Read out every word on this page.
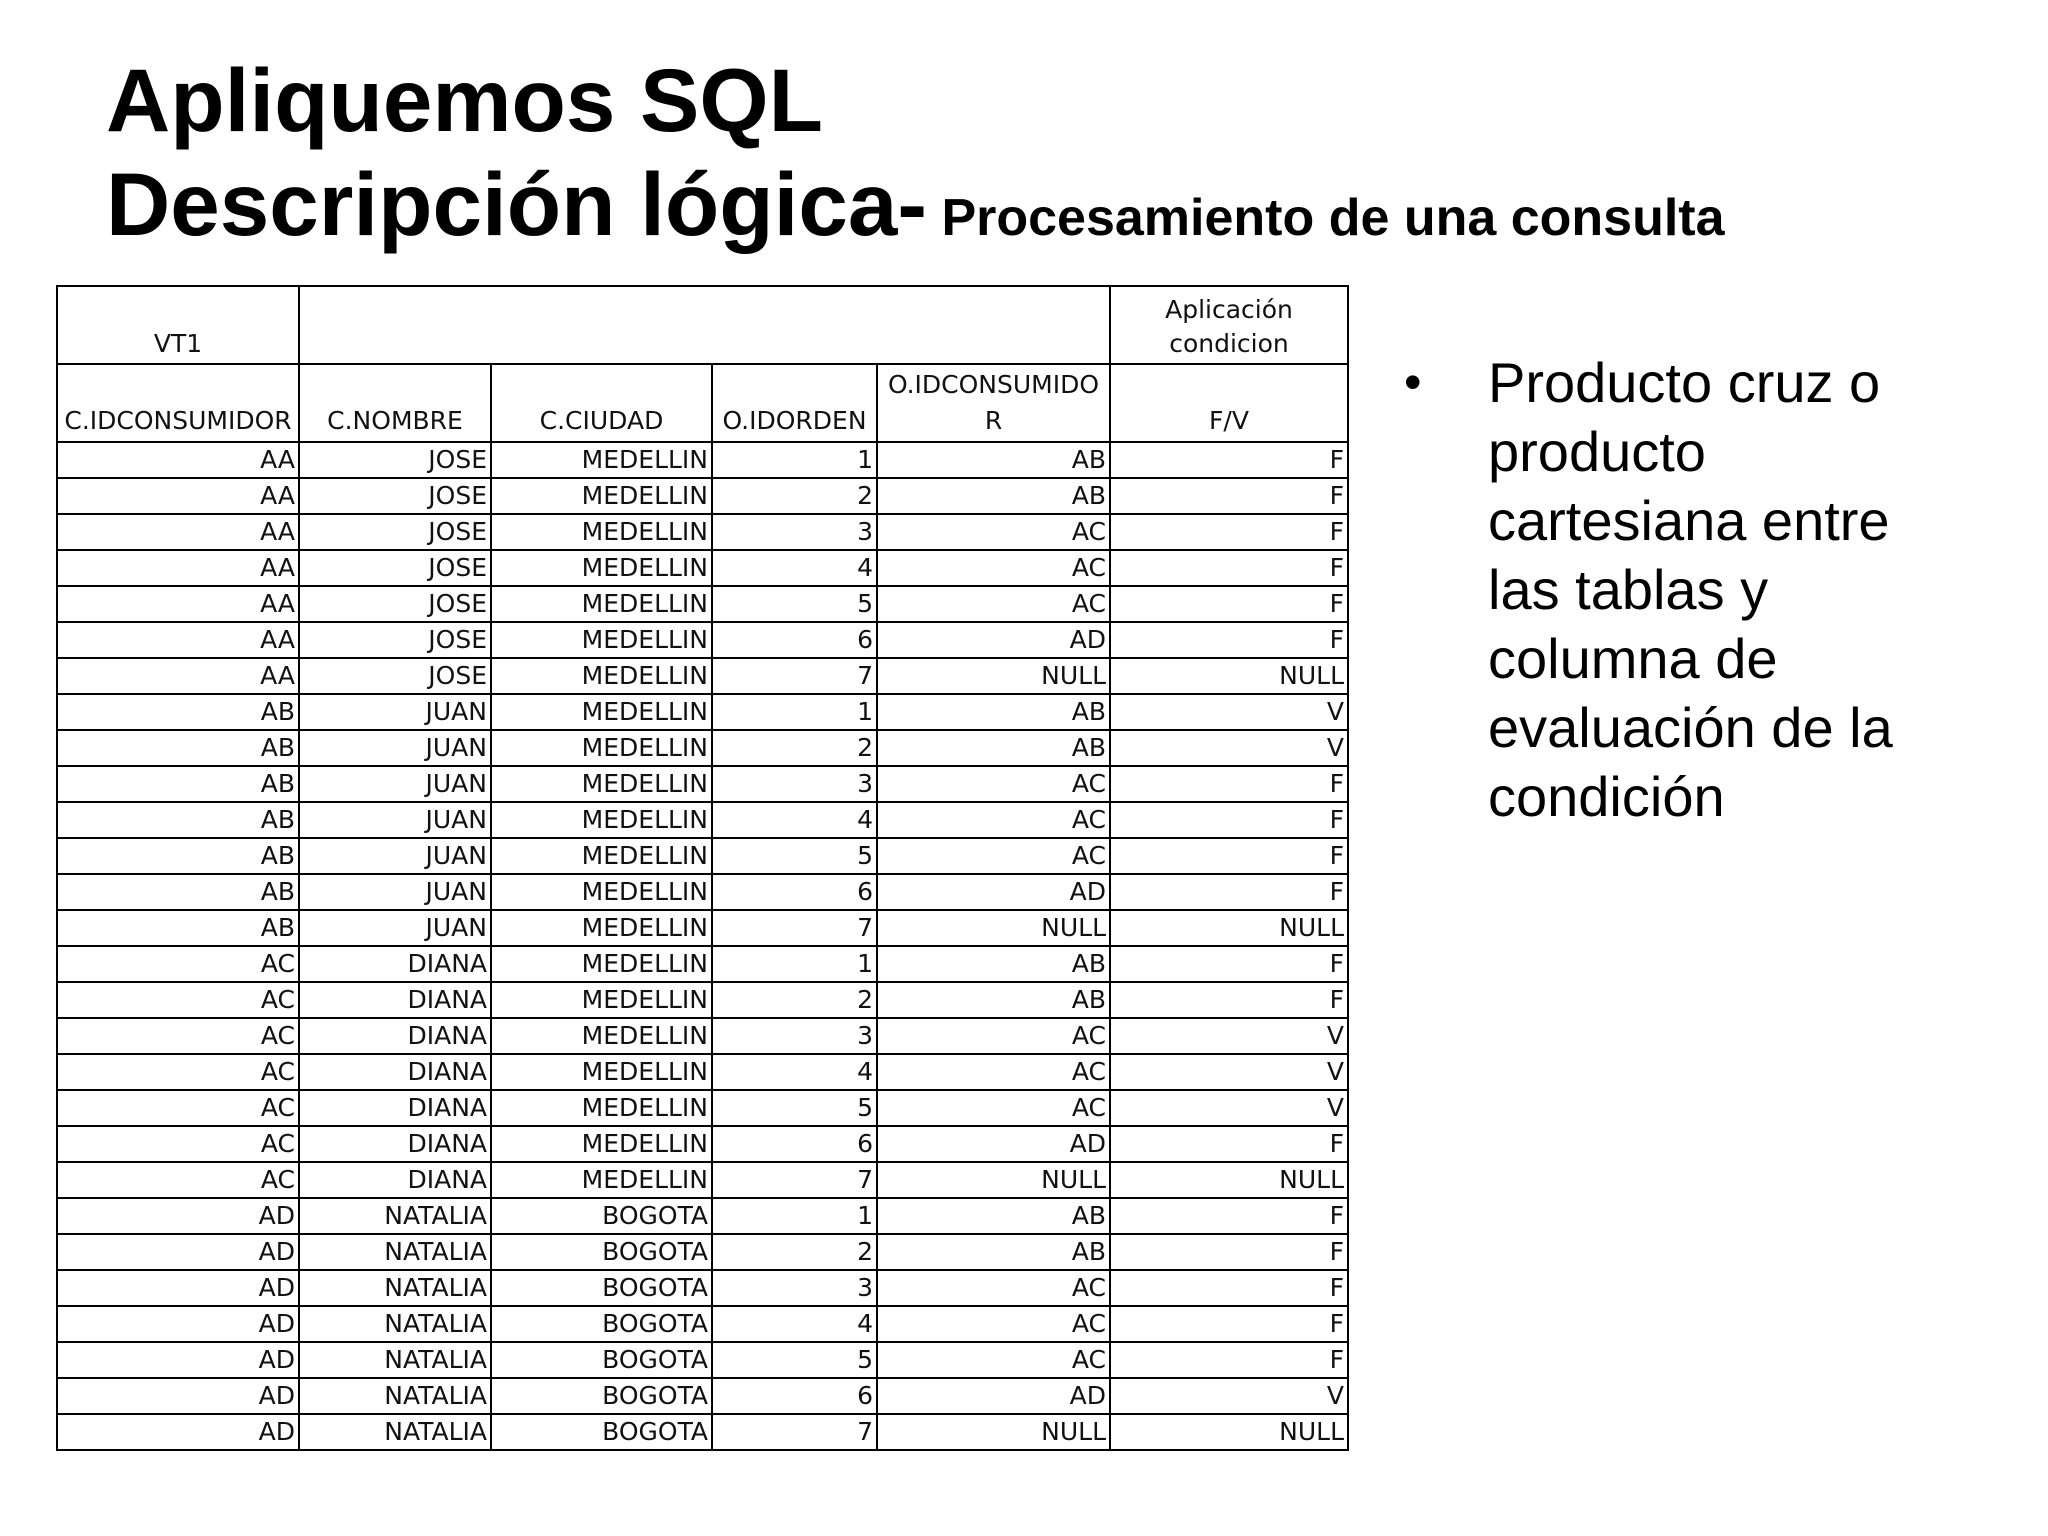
Apliquemos SQL
Descripción lógica- Procesamiento de una consulta
VT1					Aplicación condicion
C.IDCONSUMIDOR	C.NOMBRE	C.CIUDAD	O.IDORDEN	O.IDCONSUMIDOR	F/V
AA	JOSE	MEDELLIN	1	AB	F
AA	JOSE	MEDELLIN	2	AB	F
AA	JOSE	MEDELLIN	3	AC	F
AA	JOSE	MEDELLIN	4	AC	F
AA	JOSE	MEDELLIN	5	AC	F
AA	JOSE	MEDELLIN	6	AD	F
AA	JOSE	MEDELLIN	7	NULL	NULL
AB	JUAN	MEDELLIN	1	AB	V
AB	JUAN	MEDELLIN	2	AB	V
AB	JUAN	MEDELLIN	3	AC	F
AB	JUAN	MEDELLIN	4	AC	F
AB	JUAN	MEDELLIN	5	AC	F
AB	JUAN	MEDELLIN	6	AD	F
AB	JUAN	MEDELLIN	7	NULL	NULL
AC	DIANA	MEDELLIN	1	AB	F
AC	DIANA	MEDELLIN	2	AB	F
AC	DIANA	MEDELLIN	3	AC	V
AC	DIANA	MEDELLIN	4	AC	V
AC	DIANA	MEDELLIN	5	AC	V
AC	DIANA	MEDELLIN	6	AD	F
AC	DIANA	MEDELLIN	7	NULL	NULL
AD	NATALIA	BOGOTA	1	AB	F
AD	NATALIA	BOGOTA	2	AB	F
AD	NATALIA	BOGOTA	3	AC	F
AD	NATALIA	BOGOTA	4	AC	F
AD	NATALIA	BOGOTA	5	AC	F
AD	NATALIA	BOGOTA	6	AD	V
AD	NATALIA	BOGOTA	7	NULL	NULL
• Producto cruz o producto cartesiana entre las tablas y columna de evaluación de la condición
